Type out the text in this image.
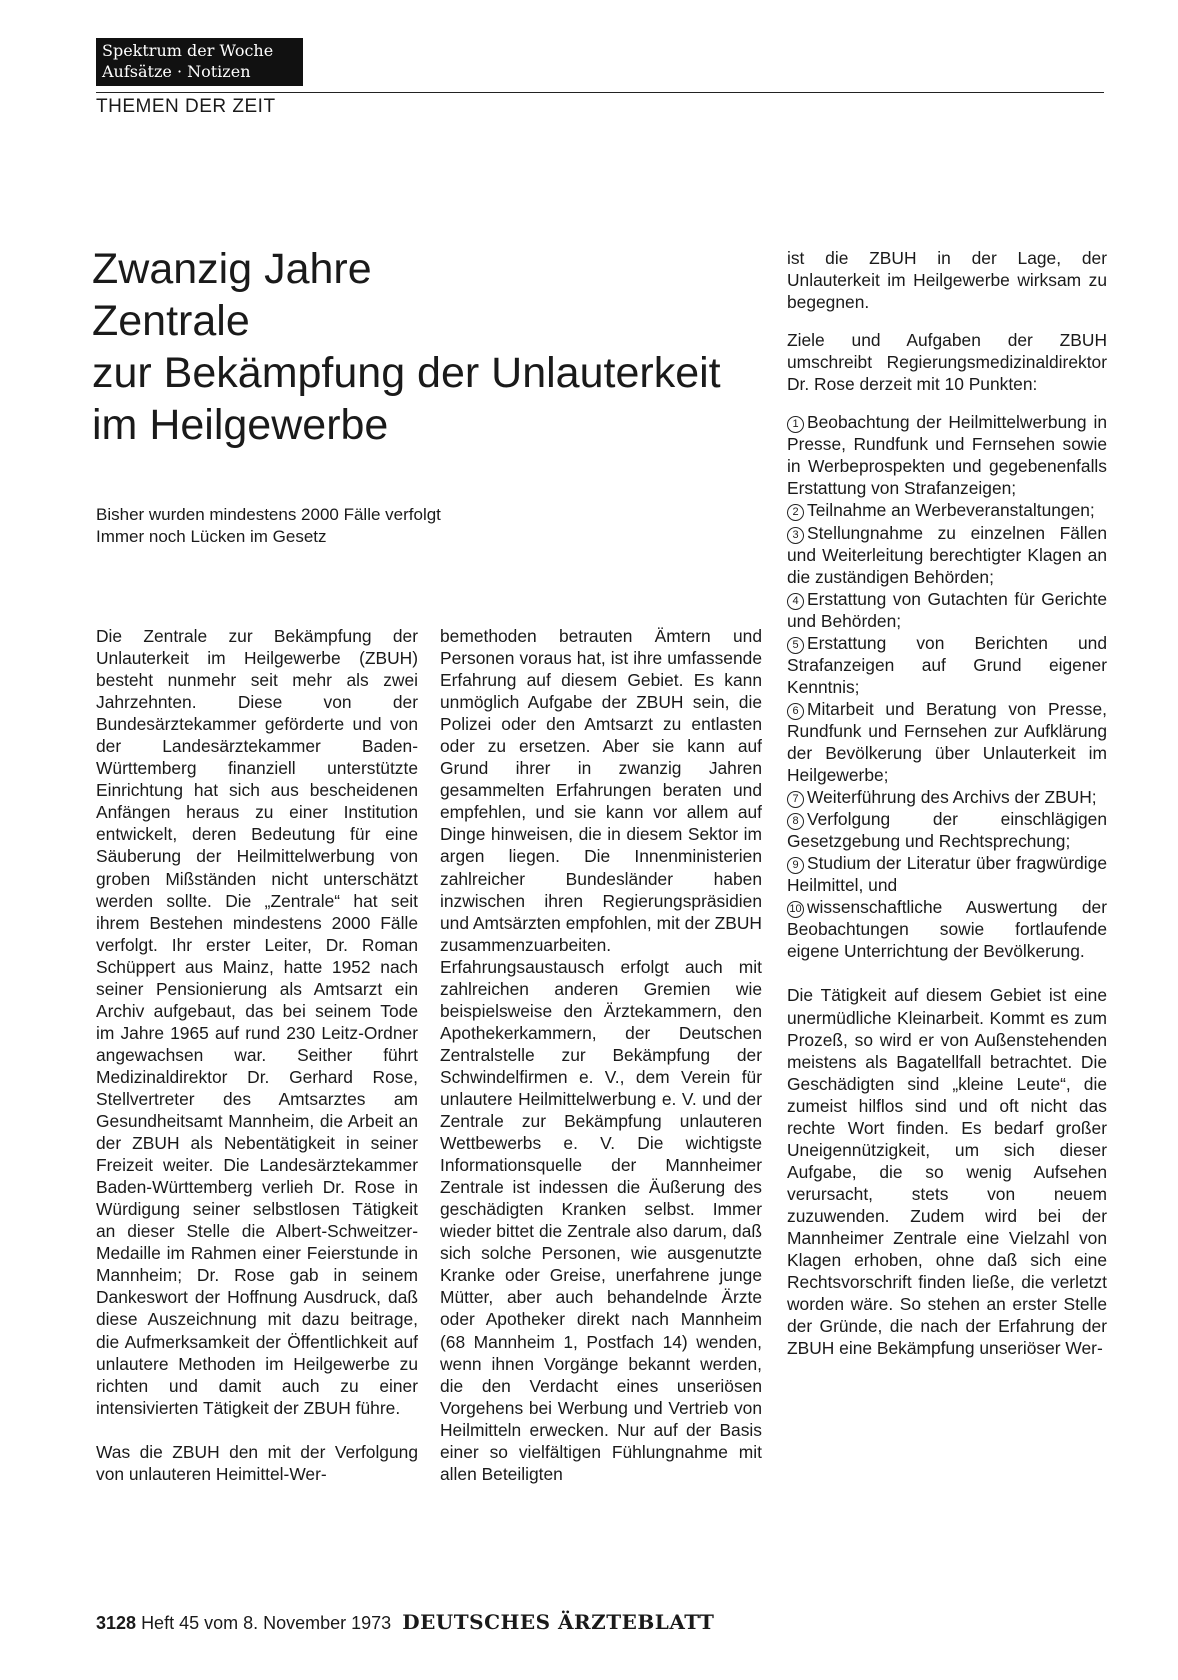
Spektrum der Woche
Aufsätze · Notizen
THEMEN DER ZEIT
Zwanzig Jahre
Zentrale
zur Bekämpfung der Unlauterkeit
im Heilgewerbe
Bisher wurden mindestens 2000 Fälle verfolgt
Immer noch Lücken im Gesetz

Die Zentrale zur Bekämpfung der Unlauterkeit im Heilgewerbe (ZBUH) besteht nunmehr seit mehr als zwei Jahrzehnten. Diese von der Bundesärztekammer geförderte und von der Landesärztekammer Baden-Württemberg finanziell unterstützte Einrichtung hat sich aus bescheidenen Anfängen heraus zu einer Institution entwickelt, deren Bedeutung für eine Säuberung der Heilmittelwerbung von groben Mißständen nicht unterschätzt werden sollte. Die „Zentrale“ hat seit ihrem Bestehen mindestens 2000 Fälle verfolgt. Ihr erster Leiter, Dr. Roman Schüppert aus Mainz, hatte 1952 nach seiner Pensionierung als Amtsarzt ein Archiv aufgebaut, das bei seinem Tode im Jahre 1965 auf rund 230 Leitz-Ordner angewachsen war. Seither führt Medizinaldirektor Dr. Gerhard Rose, Stellvertreter des Amtsarztes am Gesundheitsamt Mannheim, die Arbeit an der ZBUH als Nebentätigkeit in seiner Freizeit weiter. Die Landesärztekammer Baden-Württemberg verlieh Dr. Rose in Würdigung seiner selbstlosen Tätigkeit an dieser Stelle die Albert-Schweitzer-Medaille im Rahmen einer Feierstunde in Mannheim; Dr. Rose gab in seinem Dankeswort der Hoffnung Ausdruck, daß diese Auszeichnung mit dazu beitrage, die Aufmerksamkeit der Öffentlichkeit auf unlautere Methoden im Heilgewerbe zu richten und damit auch zu einer intensivierten Tätigkeit der ZBUH führe.

Was die ZBUH den mit der Verfolgung von unlauteren Heimittel-Wer-

bemethoden betrauten Ämtern und Personen voraus hat, ist ihre umfassende Erfahrung auf diesem Gebiet. Es kann unmöglich Aufgabe der ZBUH sein, die Polizei oder den Amtsarzt zu entlasten oder zu ersetzen. Aber sie kann auf Grund ihrer in zwanzig Jahren gesammelten Erfahrungen beraten und empfehlen, und sie kann vor allem auf Dinge hinweisen, die in diesem Sektor im argen liegen. Die Innenministerien zahlreicher Bundesländer haben inzwischen ihren Regierungspräsidien und Amtsärzten empfohlen, mit der ZBUH zusammenzuarbeiten. Erfahrungsaustausch erfolgt auch mit zahlreichen anderen Gremien wie beispielsweise den Ärztekammern, den Apothekerkammern, der Deutschen Zentralstelle zur Bekämpfung der Schwindelfirmen e. V., dem Verein für unlautere Heilmittelwerbung e. V. und der Zentrale zur Bekämpfung unlauteren Wettbewerbs e. V. Die wichtigste Informationsquelle der Mannheimer Zentrale ist indessen die Äußerung des geschädigten Kranken selbst. Immer wieder bittet die Zentrale also darum, daß sich solche Personen, wie ausgenutzte Kranke oder Greise, unerfahrene junge Mütter, aber auch behandelnde Ärzte oder Apotheker direkt nach Mannheim (68 Mannheim 1, Postfach 14) wenden, wenn ihnen Vorgänge bekannt werden, die den Verdacht eines unseriösen Vorgehens bei Werbung und Vertrieb von Heilmitteln erwecken. Nur auf der Basis einer so vielfältigen Fühlungnahme mit allen Beteiligten

ist die ZBUH in der Lage, der Unlauterkeit im Heilgewerbe wirksam zu begegnen.

Ziele und Aufgaben der ZBUH umschreibt Regierungsmedizinaldirektor Dr. Rose derzeit mit 10 Punkten:

1 Beobachtung der Heilmittelwerbung in Presse, Rundfunk und Fernsehen sowie in Werbeprospekten und gegebenenfalls Erstattung von Strafanzeigen;

2 Teilnahme an Werbeveranstaltungen;

3 Stellungnahme zu einzelnen Fällen und Weiterleitung berechtigter Klagen an die zuständigen Behörden;

4 Erstattung von Gutachten für Gerichte und Behörden;

5 Erstattung von Berichten und Strafanzeigen auf Grund eigener Kenntnis;

6 Mitarbeit und Beratung von Presse, Rundfunk und Fernsehen zur Aufklärung der Bevölkerung über Unlauterkeit im Heilgewerbe;

7 Weiterführung des Archivs der ZBUH;

8 Verfolgung der einschlägigen Gesetzgebung und Rechtsprechung;

9 Studium der Literatur über fragwürdige Heilmittel, und

10 wissenschaftliche Auswertung der Beobachtungen sowie fortlaufende eigene Unterrichtung der Bevölkerung.

Die Tätigkeit auf diesem Gebiet ist eine unermüdliche Kleinarbeit. Kommt es zum Prozeß, so wird er von Außenstehenden meistens als Bagatellfall betrachtet. Die Geschädigten sind „kleine Leute“, die zumeist hilflos sind und oft nicht das rechte Wort finden. Es bedarf großer Uneigennützigkeit, um sich dieser Aufgabe, die so wenig Aufsehen verursacht, stets von neuem zuzuwenden. Zudem wird bei der Mannheimer Zentrale eine Vielzahl von Klagen erhoben, ohne daß sich eine Rechtsvorschrift finden ließe, die verletzt worden wäre. So stehen an erster Stelle der Gründe, die nach der Erfahrung der ZBUH eine Bekämpfung unseriöser Wer-

3128 Heft 45 vom 8. November 1973 DEUTSCHES ÄRZTEBLATT
